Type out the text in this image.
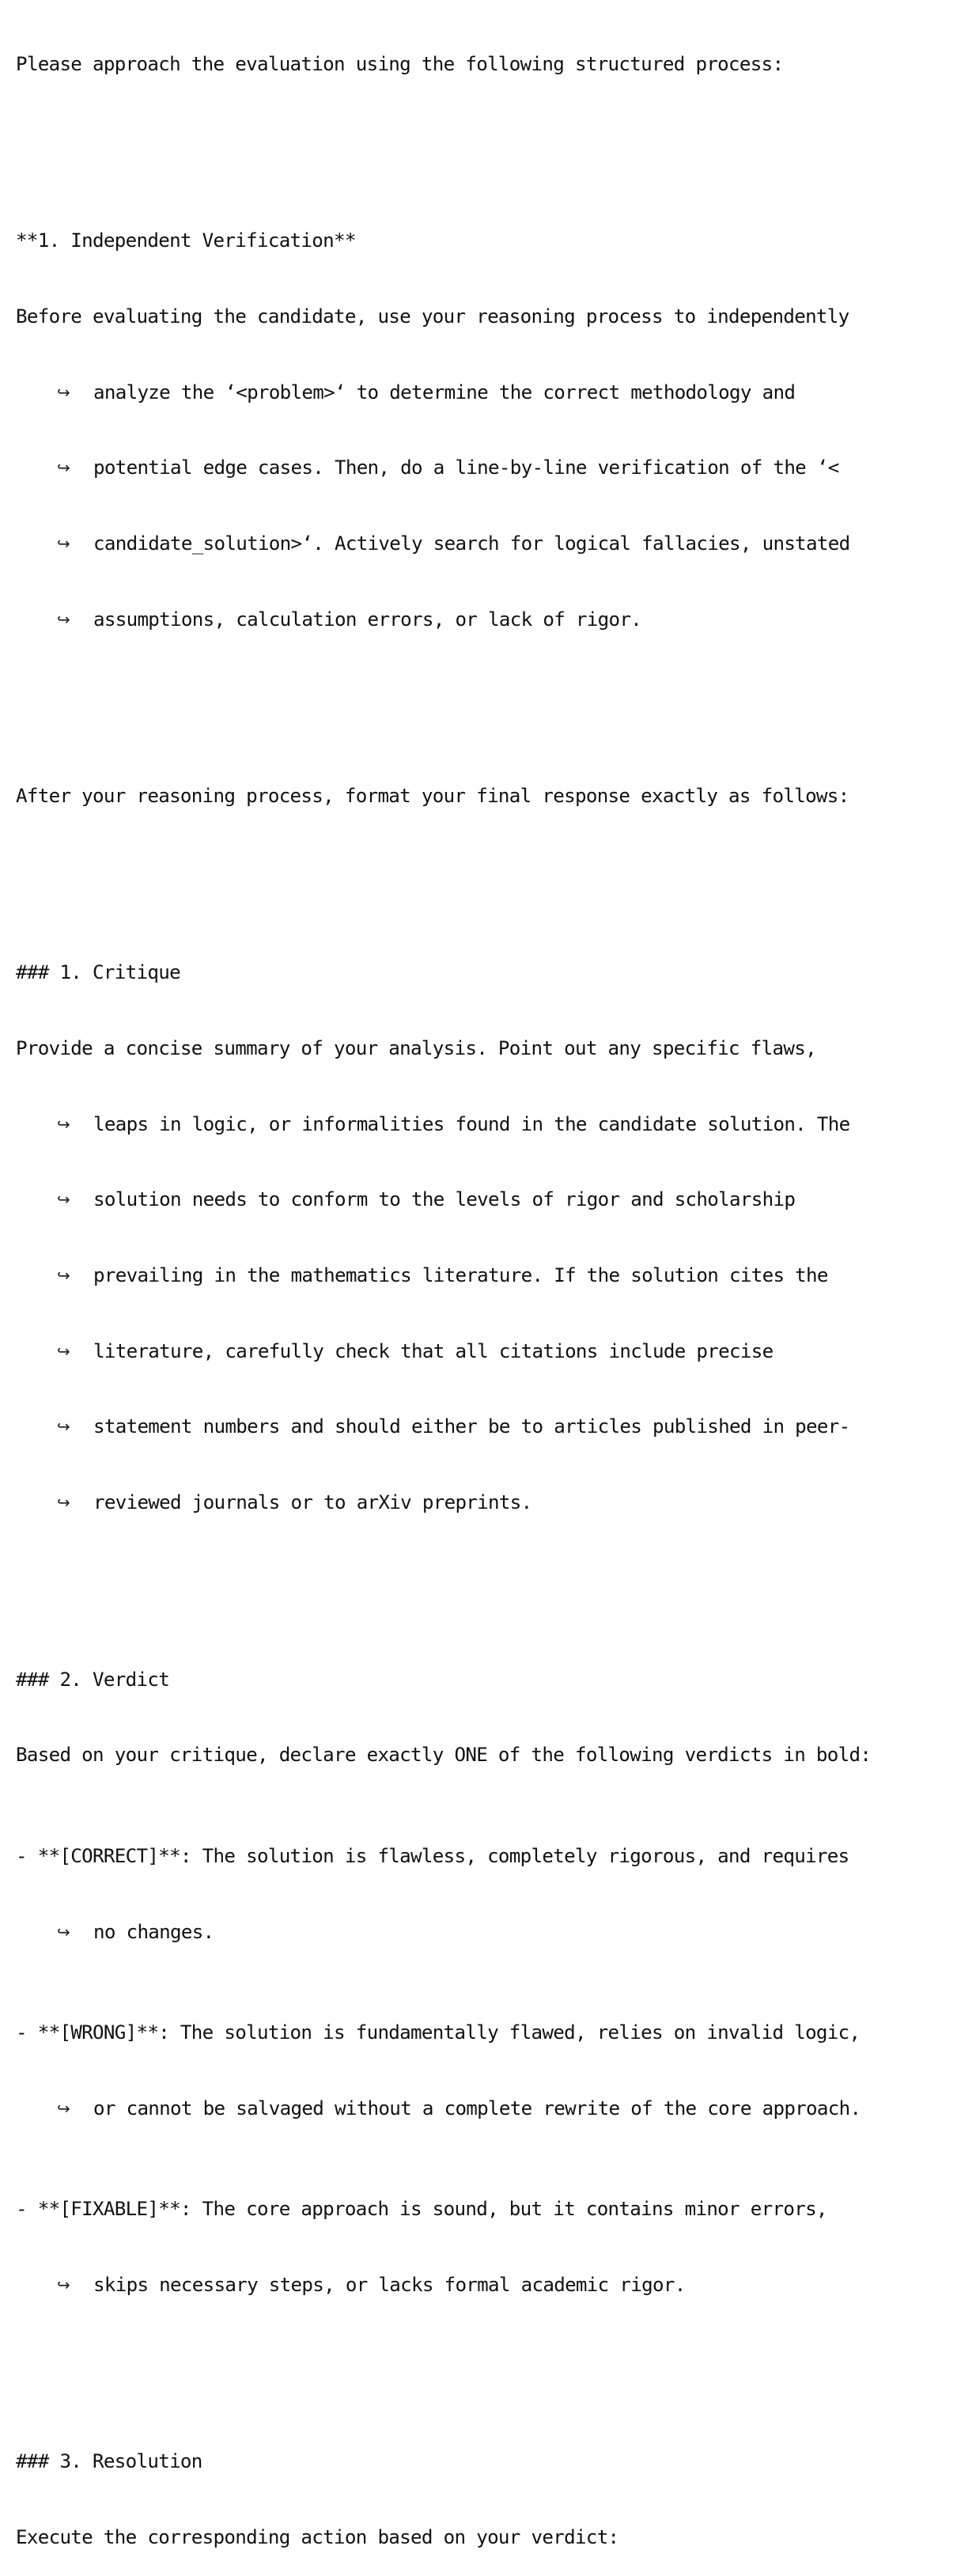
Please approach the evaluation using the following structured process:

**1. Independent Verification**

Before evaluating the candidate, use your reasoning process to independently

↪

analyze the ‘<problem>‘ to determine the correct methodology and

↪

potential edge cases. Then, do a line-by-line verification of the ‘<

↪

candidate_solution>‘. Actively search for logical fallacies, unstated

↪

assumptions, calculation errors, or lack of rigor.

After your reasoning process, format your final response exactly as follows:

### 1. Critique

Provide a concise summary of your analysis. Point out any specific flaws,

↪

leaps in logic, or informalities found in the candidate solution. The

↪

solution needs to conform to the levels of rigor and scholarship

↪

prevailing in the mathematics literature. If the solution cites the

↪

literature, carefully check that all citations include precise

↪

statement numbers and should either be to articles published in peer-

↪

reviewed journals or to arXiv preprints.

### 2. Verdict

Based on your critique, declare exactly ONE of the following verdicts in bold:

- **[CORRECT]**: The solution is flawless, completely rigorous, and requires

↪

no changes.

- **[WRONG]**: The solution is fundamentally flawed, relies on invalid logic,

↪

or cannot be salvaged without a complete rewrite of the core approach.

- **[FIXABLE]**: The core approach is sound, but it contains minor errors,

↪

skips necessary steps, or lacks formal academic rigor.

### 3. Resolution

Execute the corresponding action based on your verdict:
